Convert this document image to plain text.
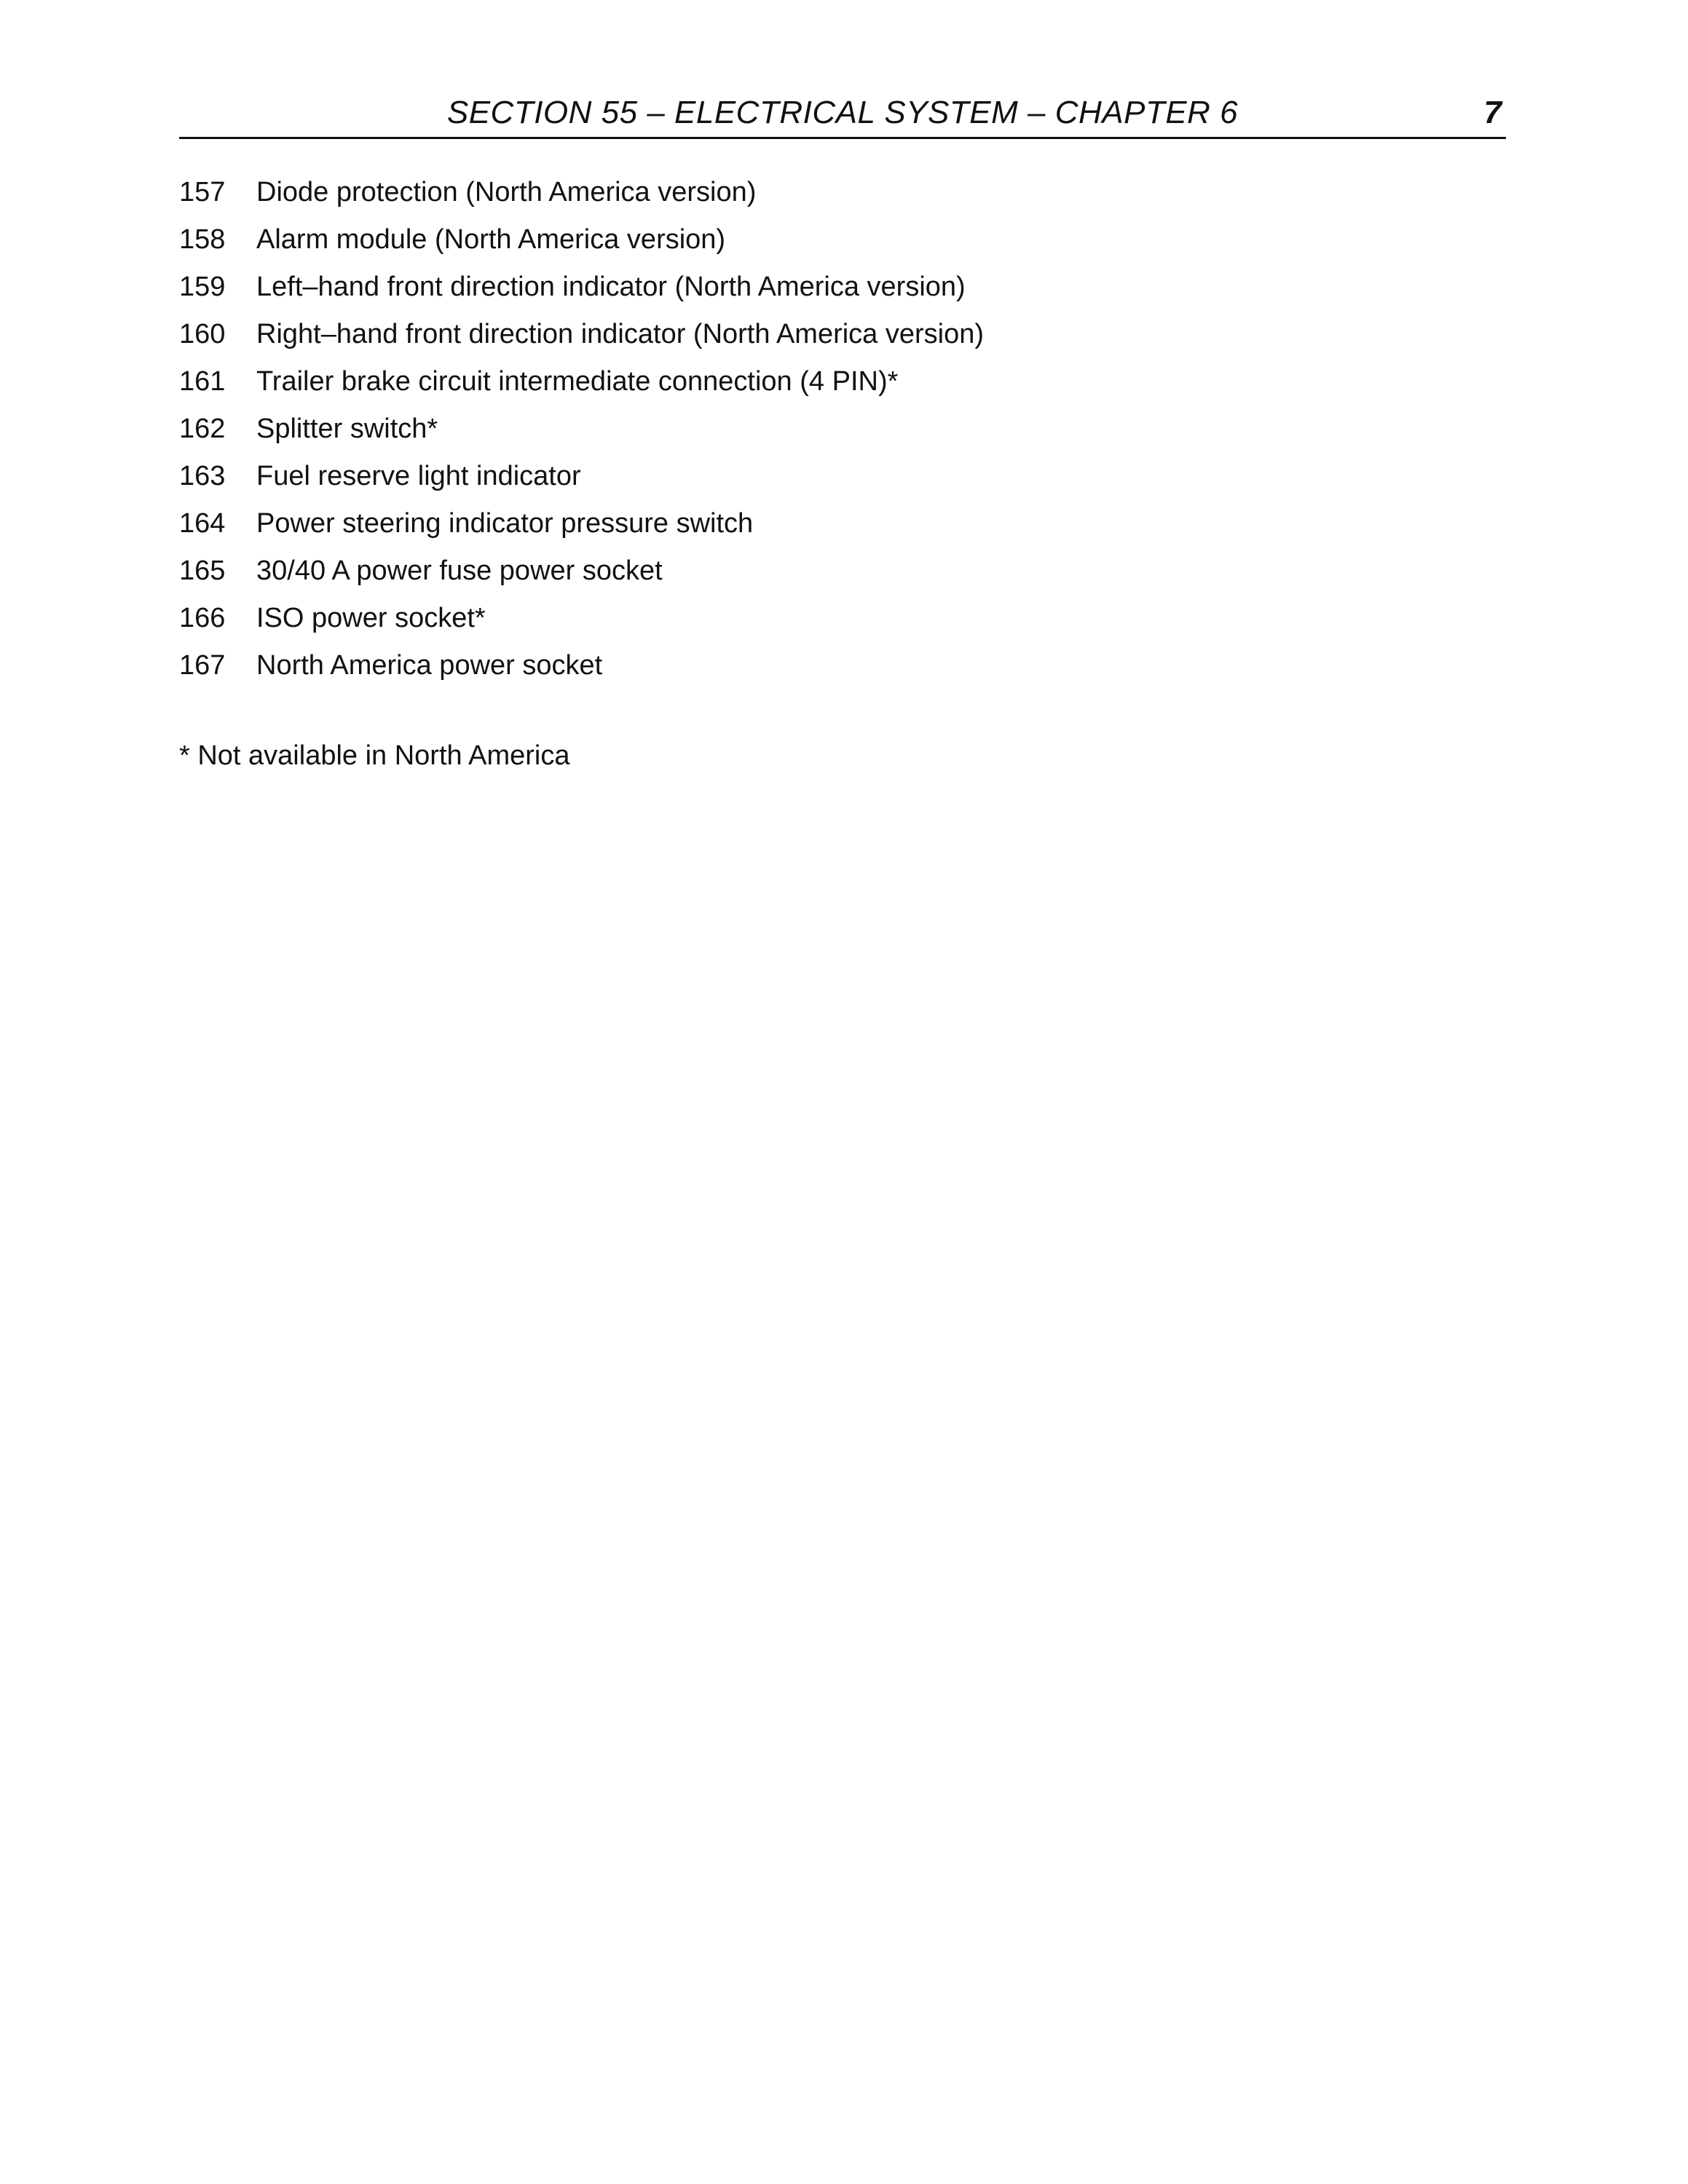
SECTION 55 – ELECTRICAL SYSTEM – CHAPTER 6	7
157	Diode protection (North America version)
158	Alarm module (North America version)
159	Left–hand front direction indicator (North America version)
160	Right–hand front direction indicator (North America version)
161	Trailer brake circuit intermediate connection (4 PIN)*
162	Splitter switch*
163	Fuel reserve light indicator
164	Power steering indicator pressure switch
165	30/40 A power fuse power socket
166	ISO power socket*
167	North America power socket
* Not available in North America
